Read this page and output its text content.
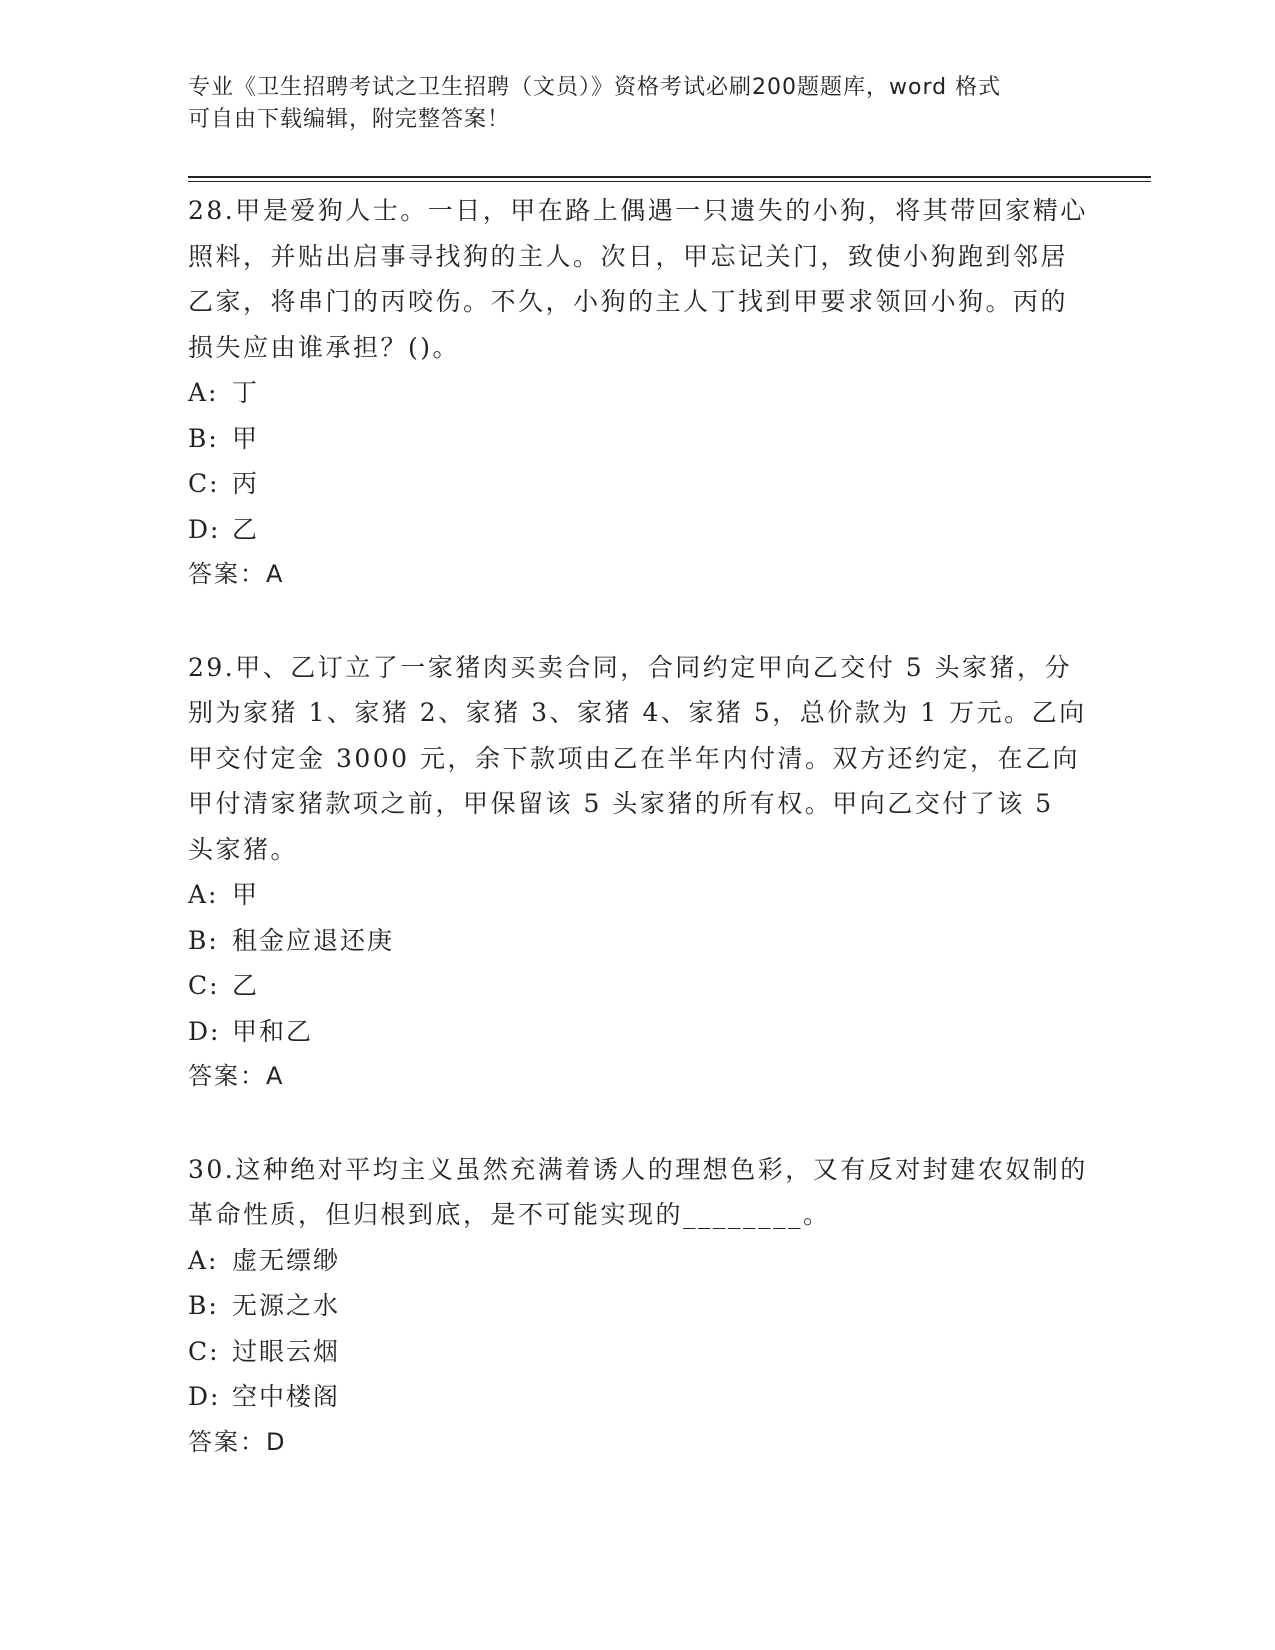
专业《卫生招聘考试之卫生招聘（文员）》资格考试必刷200题题库，word 格式
可自由下载编辑，附完整答案！
28.甲是爱狗人士。一日，甲在路上偶遇一只遗失的小狗，将其带回家精心照料，并贴出启事寻找狗的主人。次日，甲忘记关门，致使小狗跑到邻居乙家，将串门的丙咬伤。不久，小狗的主人丁找到甲要求领回小狗。丙的损失应由谁承担？()。
A: 丁
B: 甲
C: 丙
D: 乙
答案：A
29.甲、乙订立了一家猪肉买卖合同，合同约定甲向乙交付 5 头家猪，分别为家猪 1、家猪 2、家猪 3、家猪 4、家猪 5，总价款为 1 万元。乙向甲交付定金 3000 元，余下款项由乙在半年内付清。双方还约定，在乙向甲付清家猪款项之前，甲保留该 5 头家猪的所有权。甲向乙交付了该 5 头家猪。
A: 甲
B: 租金应退还庚
C: 乙
D: 甲和乙
答案：A
30.这种绝对平均主义虽然充满着诱人的理想色彩，又有反对封建农奴制的革命性质，但归根到底，是不可能实现的________。
A: 虚无缥缈
B: 无源之水
C: 过眼云烟
D: 空中楼阁
答案：D
